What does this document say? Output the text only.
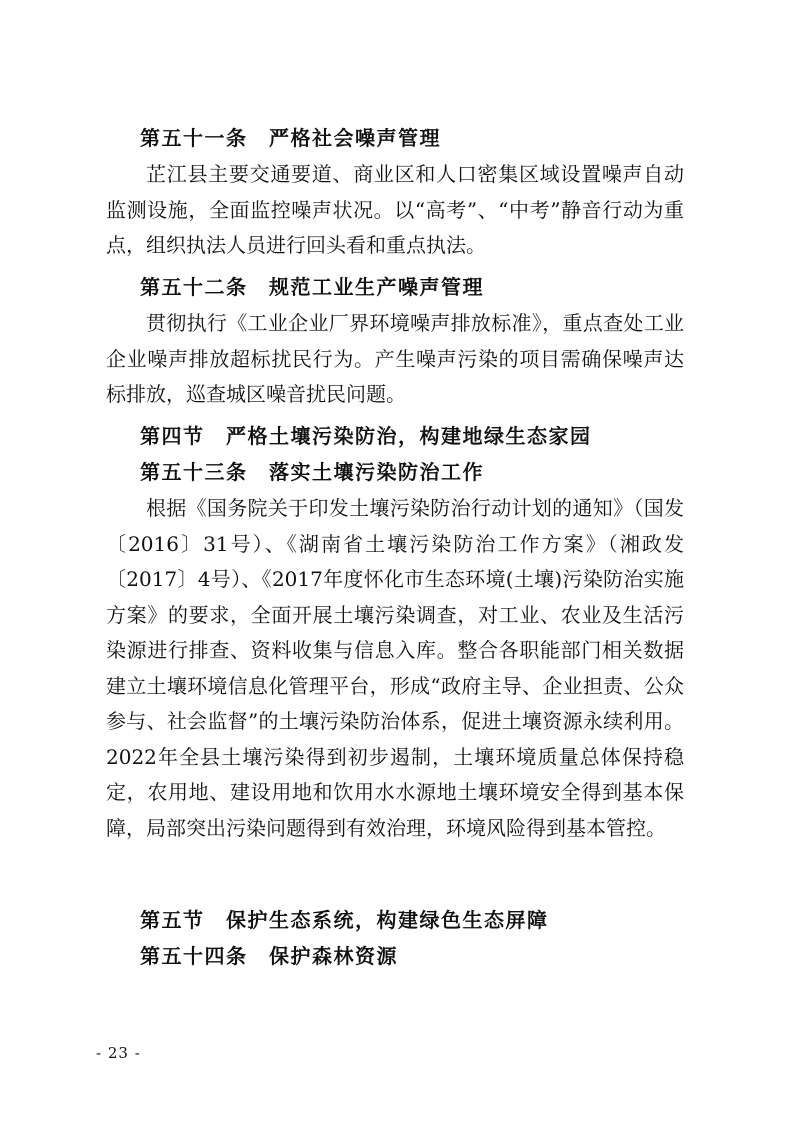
第五十一条　严格社会噪声管理
芷江县主要交通要道、商业区和人口密集区域设置噪声自动监测设施，全面监控噪声状况。以“高考”、“中考”静音行动为重点，组织执法人员进行回头看和重点执法。
第五十二条　规范工业生产噪声管理
贯彻执行《工业企业厂界环境噪声排放标准》，重点查处工业企业噪声排放超标扰民行为。产生噪声污染的项目需确保噪声达标排放，巡查城区噪音扰民问题。
第四节　严格土壤污染防治，构建地绿生态家园
第五十三条　落实土壤污染防治工作
根据《国务院关于印发土壤污染防治行动计划的通知》（国发〔2016〕31号）、《湖南省土壤污染防治工作方案》（湘政发〔2017〕4号）、《2017年度怀化市生态环境(土壤)污染防治实施方案》的要求，全面开展土壤污染调查，对工业、农业及生活污染源进行排查、资料收集与信息入库。整合各职能部门相关数据建立土壤环境信息化管理平台，形成“政府主导、企业担责、公众参与、社会监督”的土壤污染防治体系，促进土壤资源永续利用。2022年全县土壤污染得到初步遏制，土壤环境质量总体保持稳定，农用地、建设用地和饮用水水源地土壤环境安全得到基本保障，局部突出污染问题得到有效治理，环境风险得到基本管控。
第五节　保护生态系统，构建绿色生态屏障
第五十四条　保护森林资源
- 23 -
